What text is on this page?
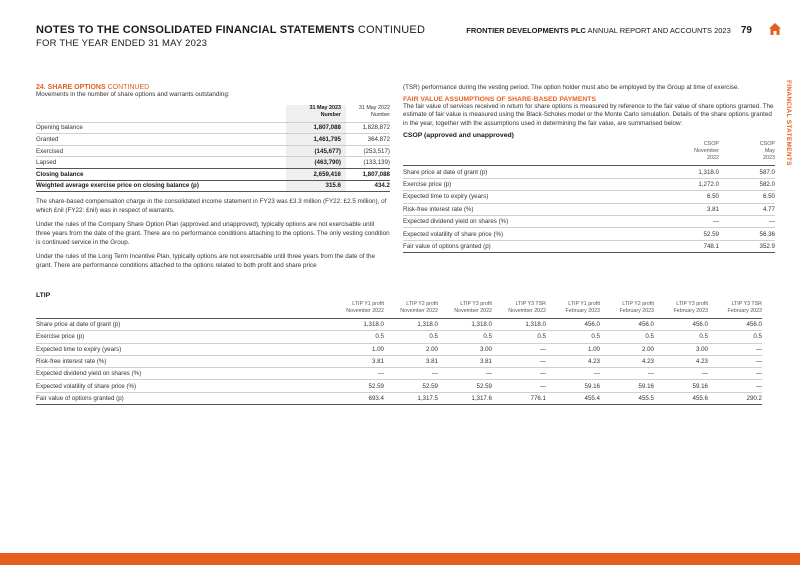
NOTES TO THE CONSOLIDATED FINANCIAL STATEMENTS CONTINUED
FOR THE YEAR ENDED 31 MAY 2023
FRONTIER DEVELOPMENTS PLC ANNUAL REPORT AND ACCOUNTS 2023 79
FINANCIAL STATEMENTS
24. SHARE OPTIONS CONTINUED

Movements in the number of share options and warrants outstanding:

	31 May 2023
Number	31 May 2022
Number
Opening balance	1,807,088	1,828,872
Granted	1,461,795	364,872
Exercised	(145,677)	(253,517)
Lapsed	(463,790)	(133,139)
Closing balance	2,659,416	1,807,088
Weighted average exercise price on closing balance (p)	315.6	434.2

The share-based compensation charge in the consolidated income statement in FY23 was £3.3 million (FY22: £2.5 million), of which £nil (FY22: £nil) was in respect of warrants.

Under the rules of the Company Share Option Plan (approved and unapproved), typically options are not exercisable until three years from the date of the grant. There are no performance conditions attaching to the options. The only vesting condition is continued service in the Group.

Under the rules of the Long Term Incentive Plan, typically options are not exercisable until three years from the date of the grant. There are performance conditions attached to the options related to both profit and share price

(TSR) performance during the vesting period. The option holder must also be employed by the Group at time of exercise.

FAIR VALUE ASSUMPTIONS OF SHARE-BASED PAYMENTS

The fair value of services received in return for share options is measured by reference to the fair value of share options granted. The estimate of fair value is measured using the Black-Scholes model or the Monte Carlo simulation. Details of the share options granted in the year, together with the assumptions used in determining the fair value, are summarised below:

CSOP (approved and unapproved)
	CSOP
November
2022	CSOP
May
2023
Share price at date of grant (p)	1,318.0	587.0
Exercise price (p)	1,272.0	582.0
Expected time to expiry (years)	6.50	6.50
Risk-free interest rate (%)	3.81	4.77
Expected dividend yield on shares (%)	—	—
Expected volatility of share price (%)	52.59	56.36
Fair value of options granted (p)	748.1	352.9
LTIP
	LTIP Y1 profit
November 2022	LTIP Y2 profit
November 2022	LTIP Y3 profit
November 2022	LTIP Y3 TSR
November 2022	LTIP Y1 profit
February 2023	LTIP Y2 profit
February 2023	LTIP Y3 profit
February 2023	LTIP Y3 TSR
February 2023
Share price at date of grant (p)	1,318.0	1,318.0	1,318.0	1,318.0	456.0	456.0	456.0	456.0
Exercise price (p)	0.5	0.5	0.5	0.5	0.5	0.5	0.5	0.5
Expected time to expiry (years)	1.00	2.00	3.00	—	1.00	2.00	3.00	—
Risk-free interest rate (%)	3.81	3.81	3.81	—	4.23	4.23	4.23	—
Expected dividend yield on shares (%)	—	—	—	—	—	—	—	—
Expected volatility of share price (%)	52.59	52.59	52.59	—	59.16	59.16	59.16	—
Fair value of options granted (p)	693.4	1,317.5	1,317.6	776.1	455.4	455.5	455.6	290.2
